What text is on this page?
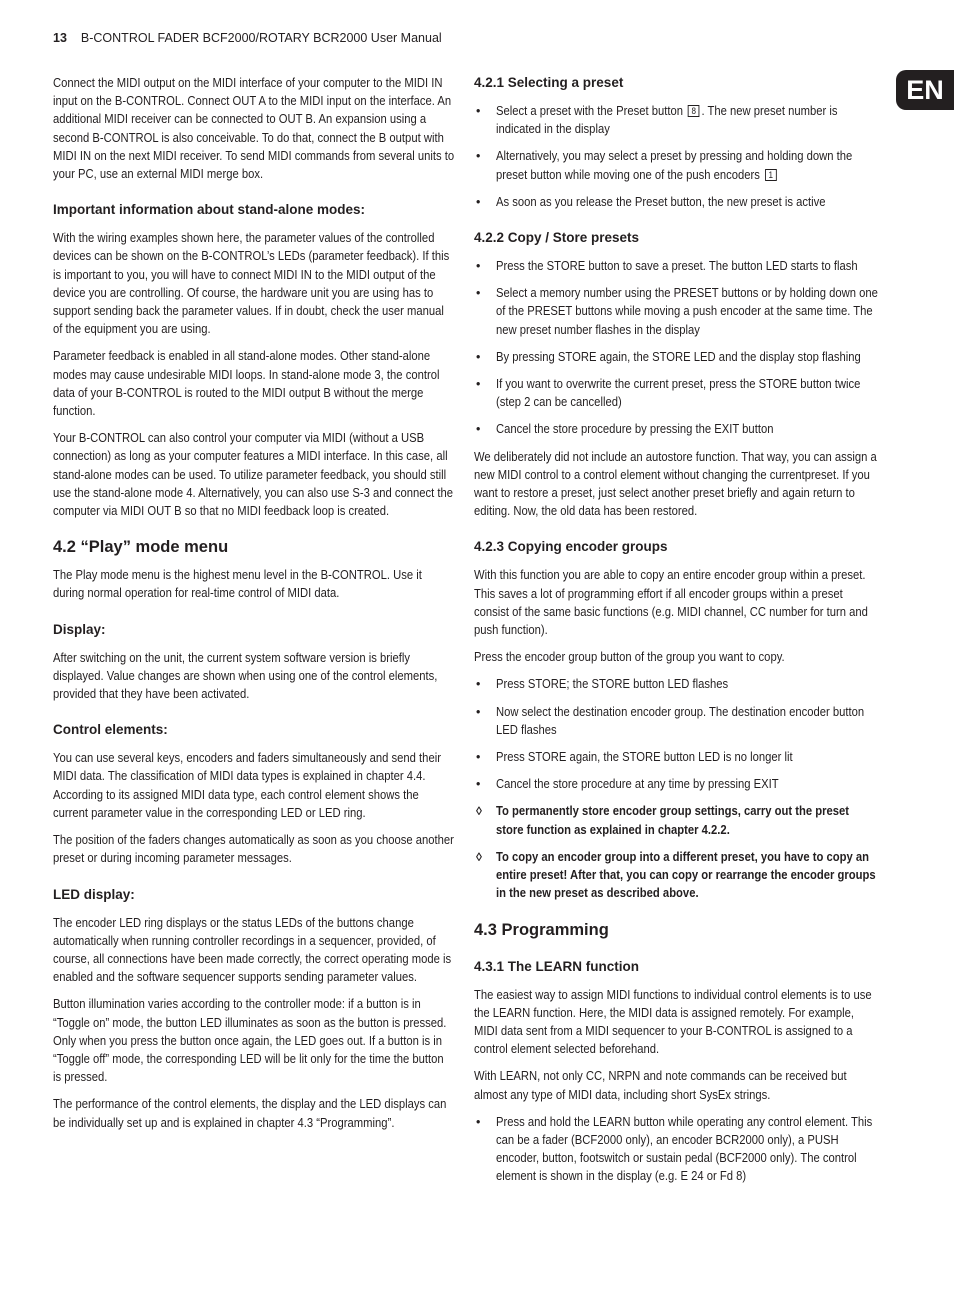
13 B-CONTROL FADER BCF2000/ROTARY BCR2000 User Manual
EN

Connect the MIDI output on the MIDI interface of your computer to the MIDI IN input on the B-CONTROL. Connect OUT A to the MIDI input on the interface. An additional MIDI receiver can be connected to OUT B. An expansion using a second B-CONTROL is also conceivable. To do that, connect the B output with MIDI IN on the next MIDI receiver. To send MIDI commands from several units to your PC, use an external MIDI merge box.

Important information about stand-alone modes:

With the wiring examples shown here, the parameter values of the controlled devices can be shown on the B-CONTROL’s LEDs (parameter feedback). If this is important to you, you will have to connect MIDI IN to the MIDI output of the device you are controlling. Of course, the hardware unit you are using has to support sending back the parameter values. If in doubt, check the user manual of the equipment you are using.

Parameter feedback is enabled in all stand-alone modes. Other stand-alone modes may cause undesirable MIDI loops. In stand-alone mode 3, the control data of your B-CONTROL is routed to the MIDI output B without the merge function.

Your B-CONTROL can also control your computer via MIDI (without a USB connection) as long as your computer features a MIDI interface. In this case, all stand-alone modes can be used. To utilize parameter feedback, you should still use the stand-alone mode 4. Alternatively, you can also use S-3 and connect the computer via MIDI OUT B so that no MIDI feedback loop is created.

4.2 “Play” mode menu

The Play mode menu is the highest menu level in the B-CONTROL. Use it during normal operation for real-time control of MIDI data.

Display:

After switching on the unit, the current system software version is briefly displayed. Value changes are shown when using one of the control elements, provided that they have been activated.

Control elements:

You can use several keys, encoders and faders simultaneously and send their MIDI data. The classification of MIDI data types is explained in chapter 4.4. According to its assigned MIDI data type, each control element shows the current parameter value in the corresponding LED or LED ring.

The position of the faders changes automatically as soon as you choose another preset or during incoming parameter messages.

LED display:

The encoder LED ring displays or the status LEDs of the buttons change automatically when running controller recordings in a sequencer, provided, of course, all connections have been made correctly, the correct operating mode is enabled and the software sequencer supports sending parameter values.

Button illumination varies according to the controller mode: if a button is in “Toggle on” mode, the button LED illuminates as soon as the button is pressed. Only when you press the button once again, the LED goes out. If a button is in “Toggle off” mode, the corresponding LED will be lit only for the time the button is pressed.

The performance of the control elements, the display and the LED displays can be individually set up and is explained in chapter 4.3 “Programming”.

4.2.1 Selecting a preset
• Select a preset with the Preset button 8 . The new preset number is indicated in the display
• Alternatively, you may select a preset by pressing and holding down the preset button while moving one of the push encoders 1
• As soon as you release the Preset button, the new preset is active
4.2.2 Copy / Store presets
• Press the STORE button to save a preset. The button LED starts to flash
• Select a memory number using the PRESET buttons or by holding down one of the PRESET buttons while moving a push encoder at the same time. The new preset number flashes in the display
• By pressing STORE again, the STORE LED and the display stop flashing
• If you want to overwrite the current preset, press the STORE button twice (step 2 can be cancelled)
• Cancel the store procedure by pressing the EXIT button

We deliberately did not include an autostore function. That way, you can assign a new MIDI control to a control element without changing the currentpreset. If you want to restore a preset, just select another preset briefly and again return to editing. Now, the old data has been restored.

4.2.3 Copying encoder groups

With this function you are able to copy an entire encoder group within a preset. This saves a lot of programming effort if all encoder groups within a preset consist of the same basic functions (e.g. MIDI channel, CC number for turn and push function).

Press the encoder group button of the group you want to copy.

• Press STORE; the STORE button LED flashes
• Now select the destination encoder group. The destination encoder button LED flashes
• Press STORE again, the STORE button LED is no longer lit
• Cancel the store procedure at any time by pressing EXIT
◊ To permanently store encoder group settings, carry out the preset store function as explained in chapter 4.2.2.
◊ To copy an encoder group into a different preset, you have to copy an entire preset! After that, you can copy or rearrange the encoder groups in the new preset as described above.
4.3 Programming
4.3.1 The LEARN function

The easiest way to assign MIDI functions to individual control elements is to use the LEARN function. Here, the MIDI data is assigned remotely. For example, MIDI data sent from a MIDI sequencer to your B-CONTROL is assigned to a control element selected beforehand.

With LEARN, not only CC, NRPN and note commands can be received but almost any type of MIDI data, including short SysEx strings.

• Press and hold the LEARN button while operating any control element. This can be a fader (BCF2000 only), an encoder BCR2000 only), a PUSH encoder, button, footswitch or sustain pedal (BCF2000 only). The control element is shown in the display (e.g. E 24 or Fd 8)
